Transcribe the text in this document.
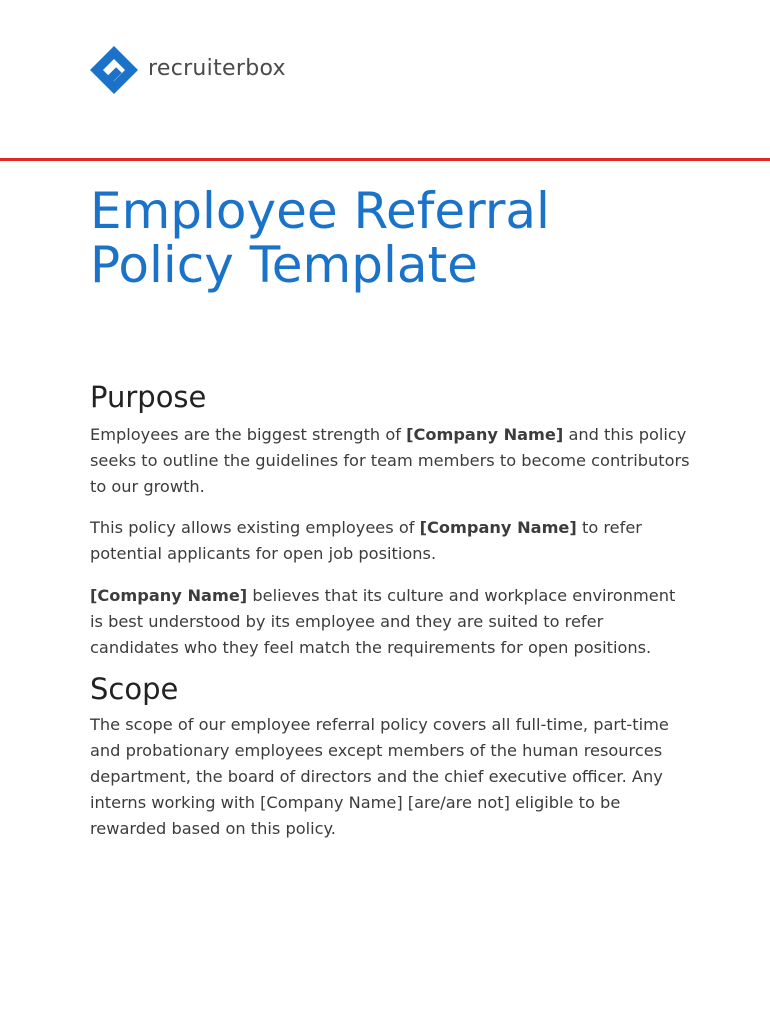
recruiterbox
Employee Referral
Policy Template
Purpose

Employees are the biggest strength of [Company Name] and this policy seeks to outline the guidelines for team members to become contributors to our growth.

This policy allows existing employees of [Company Name] to refer potential applicants for open job positions.

[Company Name] believes that its culture and workplace environment is best understood by its employee and they are suited to refer candidates who they feel match the requirements for open positions.

Scope

The scope of our employee referral policy covers all full-time, part-time and probationary employees except members of the human resources department, the board of directors and the chief executive officer. Any interns working with [Company Name] [are/are not] eligible to be rewarded based on this policy.
